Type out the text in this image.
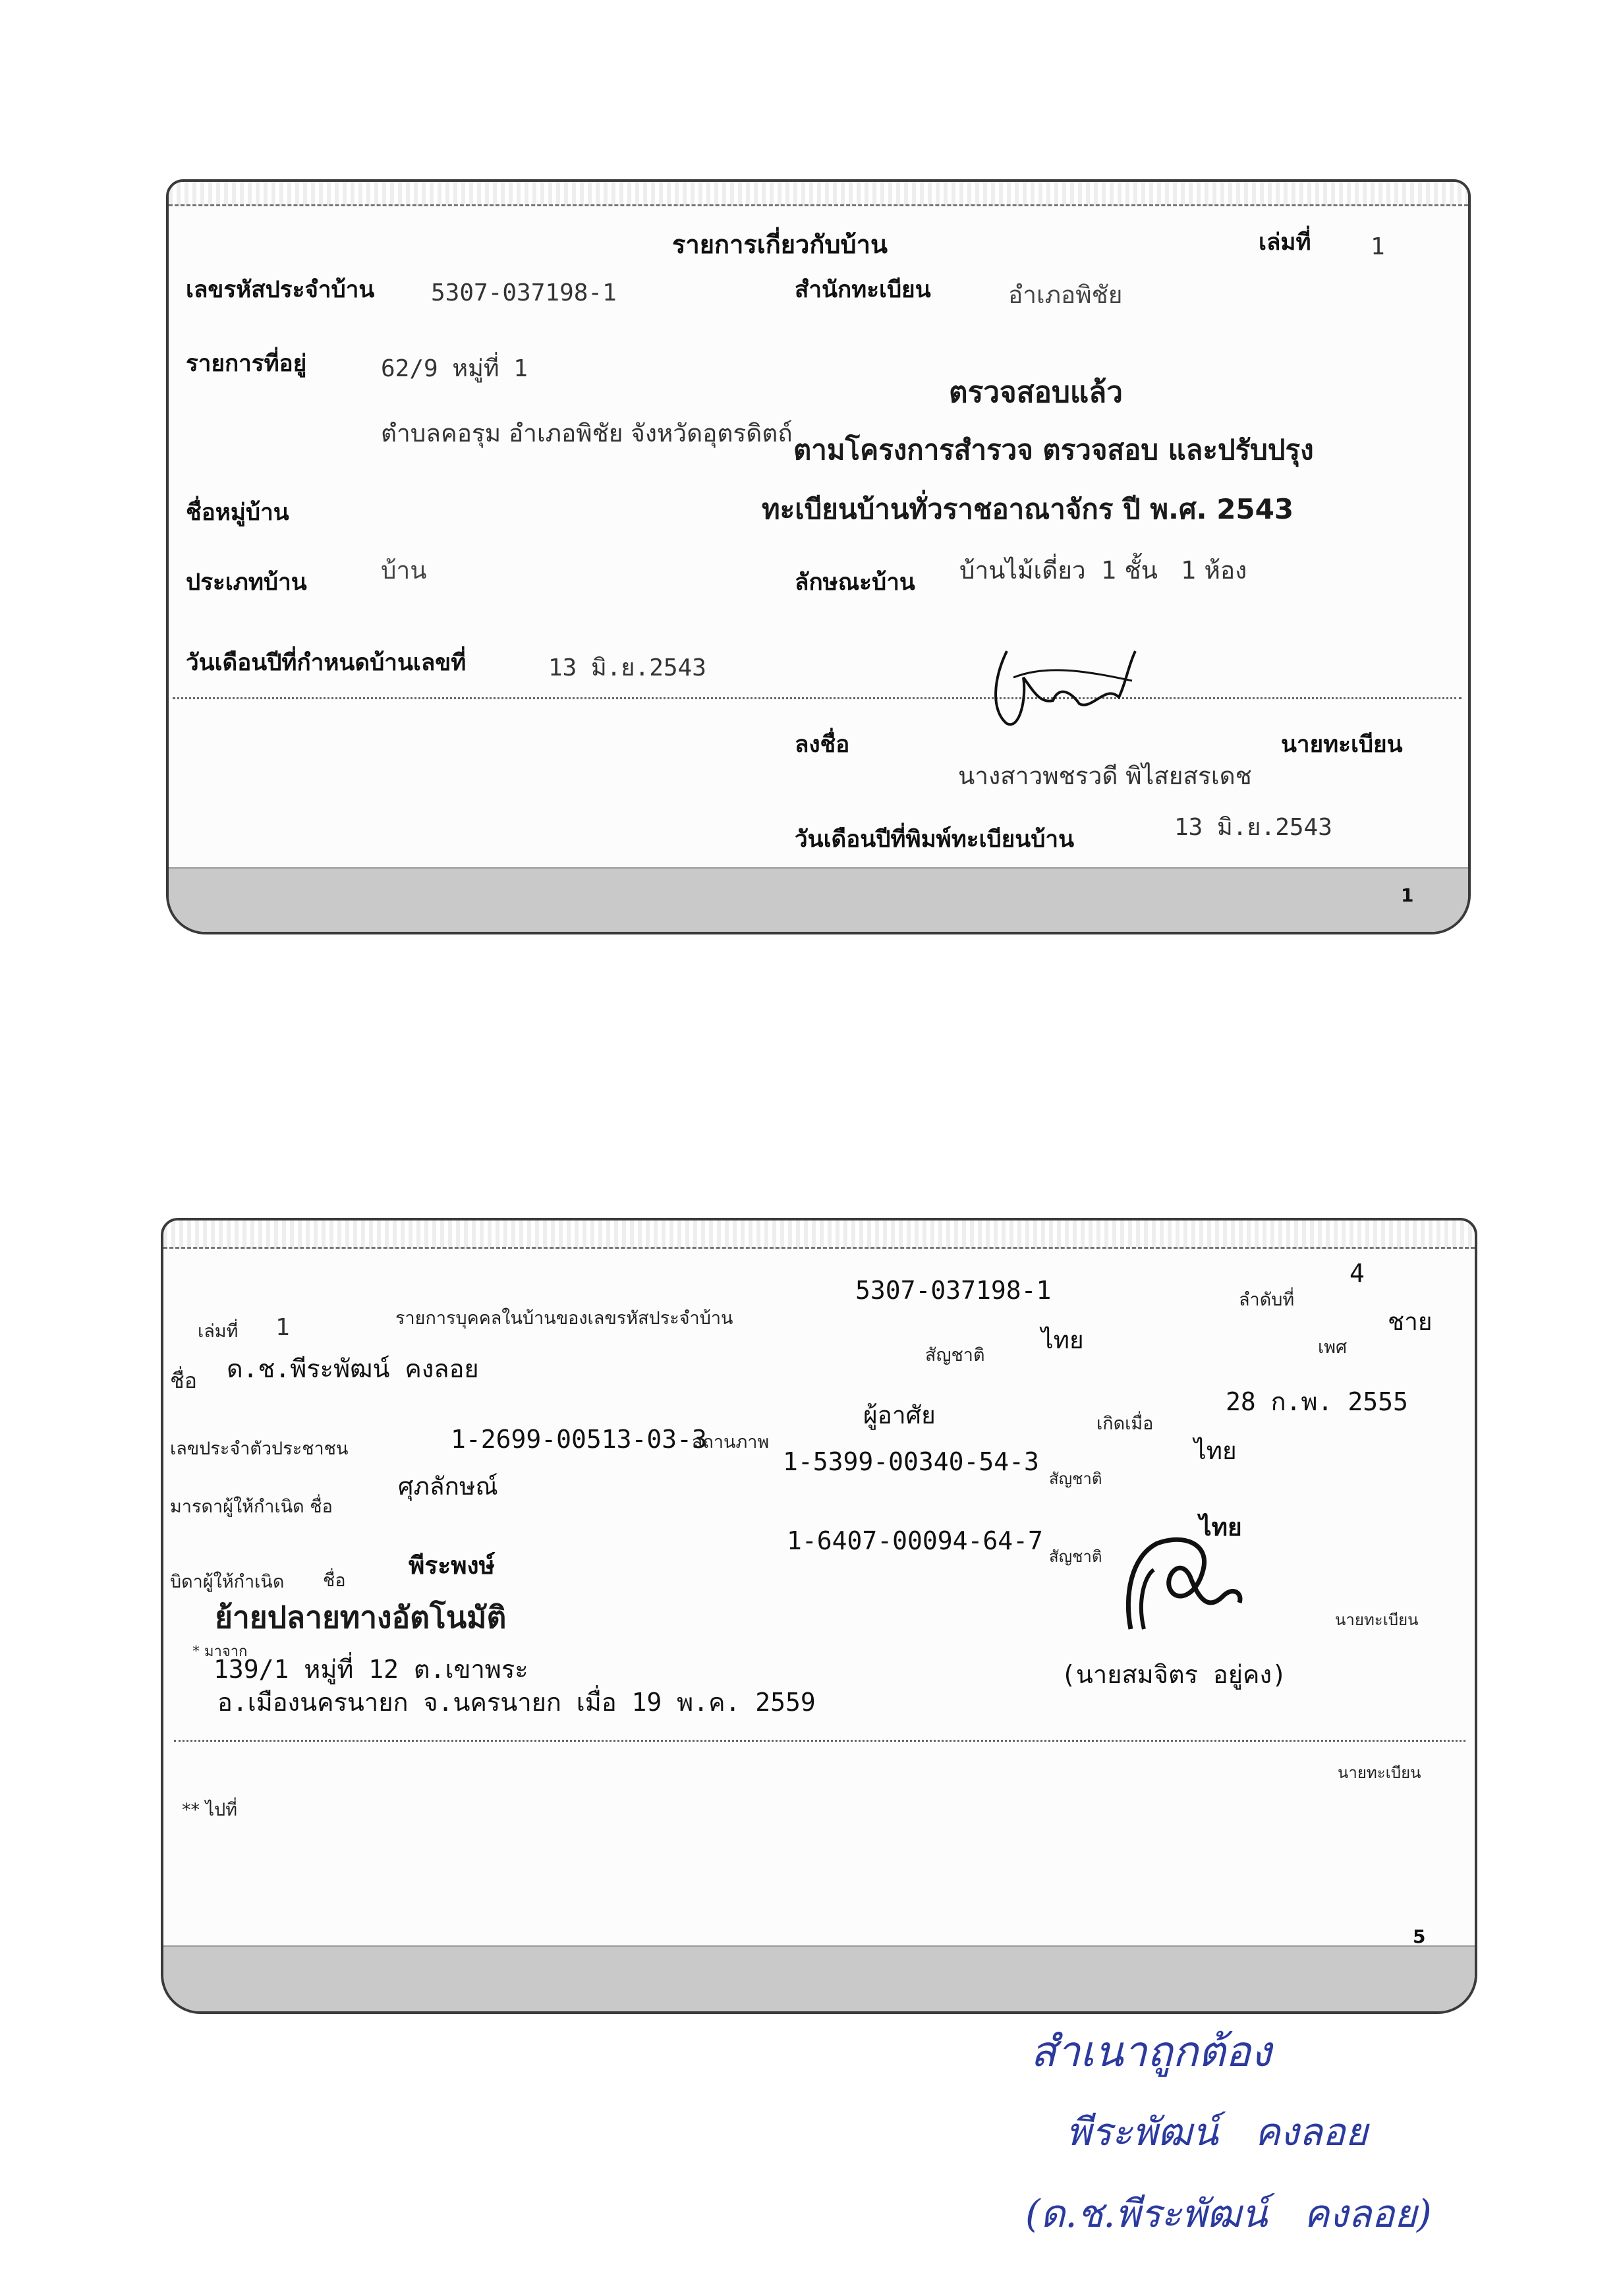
รายการเกี่ยวกับบ้าน	เล่มที่	1
เลขรหัสประจำบ้าน 5307-037198-1	สำนักทะเบียน	อำเภอพิชัย
รายการที่อยู่	62/9 หมู่ที่ 1
ตำบลคอรุม อำเภอพิชัย จังหวัดอุตรดิตถ์
ชื่อหมู่บ้าน
ประเภทบ้าน	บ้าน	ลักษณะบ้าน บ้านไม้เดี่ยว  1 ชั้น   1 ห้อง
วันเดือนปีที่กำหนดบ้านเลขที่	13 มิ.ย.2543
ลงชื่อ	นายทะเบียน
นางสาวพชรวดี พิไสยสรเดช
วันเดือนปีที่พิมพ์ทะเบียนบ้าน	13 มิ.ย.2543
1
ตรวจสอบแล้ว
ตามโครงการสำรวจ ตรวจสอบ และปรับปรุง
ทะเบียนบ้านทั่วราชอาณาจักร ปี พ.ศ. 2543
เล่มที่ 1	รายการบุคคลในบ้านของเลขรหัสประจำบ้าน
5307-037198-1	ลำดับที่
4
สัญชาติ
ไทย	เพศ
ชาย
ชื่อ ด.ช.พีระพัฒน์ คงลอย
เกิดเมื่อ
28 ก.พ. 2555
เลขประจำตัวประชาชน	1-2699-00513-03-3
สถานภาพ
ผู้อาศัย
มารดาผู้ให้กำเนิด ชื่อ
ศุภลักษณ์
1-5399-00340-54-3
สัญชาติ
ไทย
บิดาผู้ให้กำเนิด ชื่อ
พีระพงษ์
1-6407-00094-64-7
สัญชาติ
ไทย
ย้ายปลายทางอัตโนมัติ
* มาจาก
139/1 หมู่ที่ 12 ต.เขาพระ
อ.เมืองนครนายก จ.นครนายก เมื่อ 19 พ.ค. 2559
นายทะเบียน
(นายสมจิตร อยู่คง)
นายทะเบียน
** ไปที่
5
สำเนาถูกต้อง
พีระพัฒน์   คงลอย
(ด.ช.พีระพัฒน์   คงลอย)
